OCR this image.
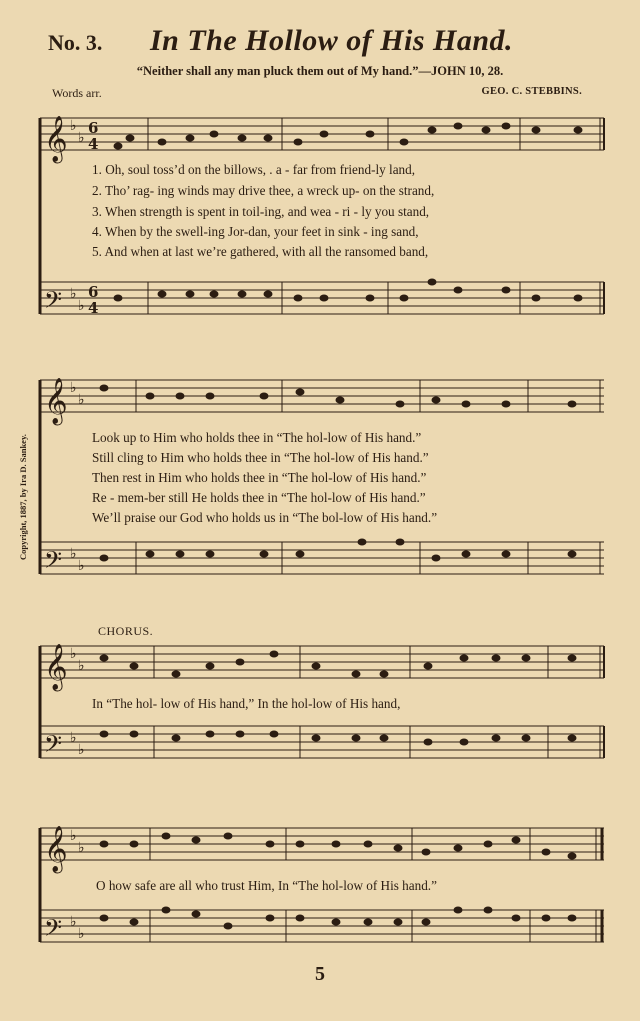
No. 3. In The Hollow of His Hand.
“Neither shall any man pluck them out of My hand.”—JOHN 10, 28.
Words arr.	GEO. C. STEBBINS.
Copyright, 1887, by Ira D. Sankey.
𝄞
𝄢
𝄞
𝄢
𝄞
𝄢
𝄞
𝄢
♭
♭
♭
♭
♭
♭
♭
♭
♭
♭
♭
♭
♭
♭
♭
♭
6
4
6
4
1. Oh, soul toss’d on the billows, . a - far from friend-ly land,
2. Tho’ rag- ing winds may drive thee, a wreck up- on the strand,
3. When strength is spent in toil-ing, and wea - ri - ly you stand,
4. When by the swell-ing Jor-dan, your feet in sink - ing sand,
5. And when at last we’re gathered, with all the ransomed band,
Look up to Him who holds thee in “The hol-low of His hand.”
Still cling to Him who holds thee in “The hol-low of His hand.”
Then rest in Him who holds thee in “The hol-low of His hand.”
Re - mem-ber still He holds thee in “The hol-low of His hand.”
We’ll praise our God who holds us in “The bol-low of His hand.”
CHORUS.
In “The hol- low of His hand,” In the hol-low of His hand,
O how safe are all who trust Him, In “The hol-low of His hand.”
5
